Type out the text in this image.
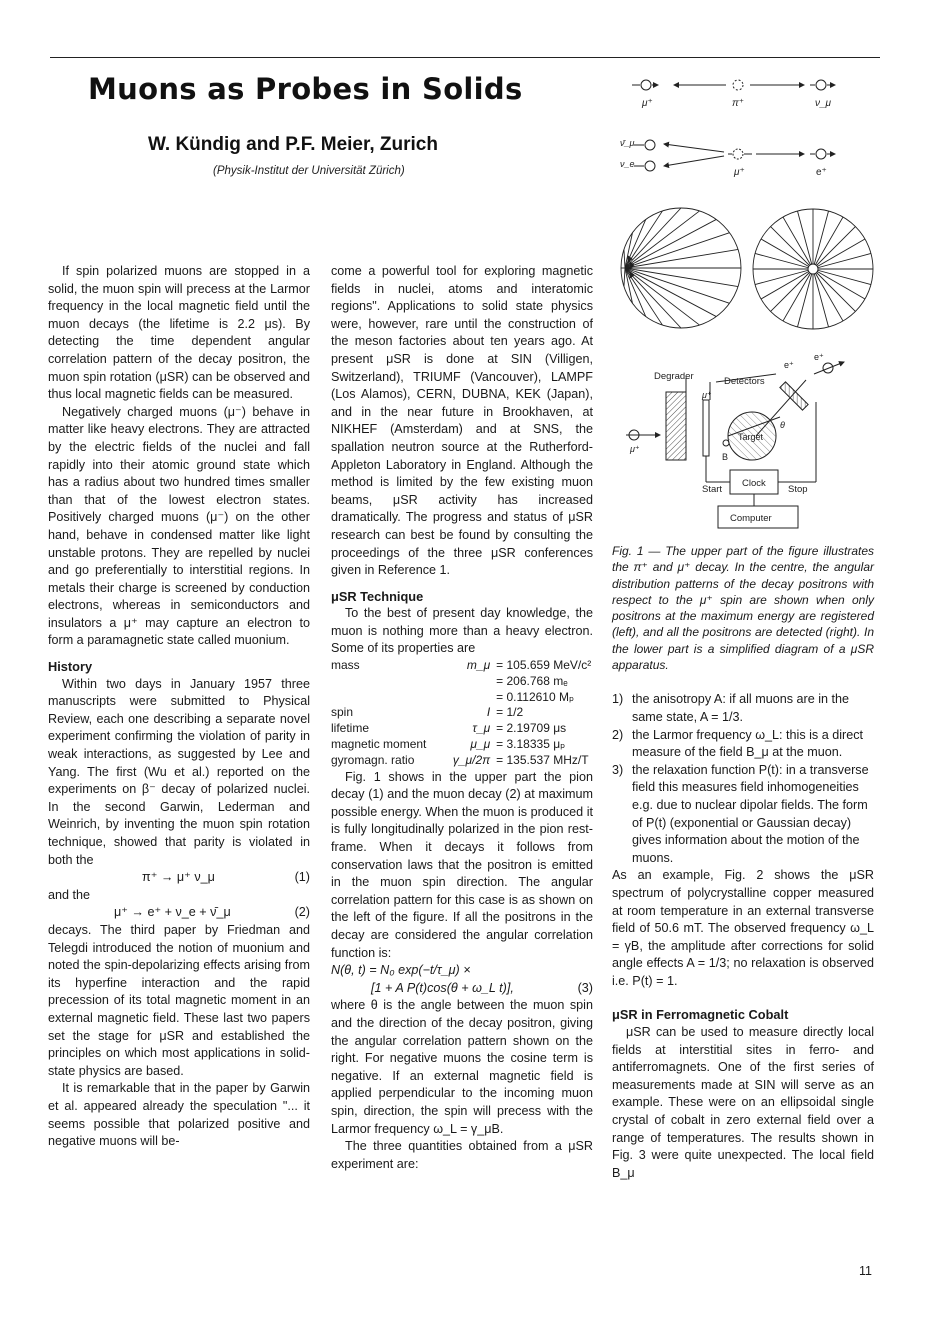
Muons as Probes in Solids
W. Kündig and P.F. Meier, Zurich
(Physik-Institut der Universität Zürich)
μ⁺	π⁺	ν_μ
ν̄_μ
ν_e
μ⁺	e⁺
Degrader	Detectors
Target
Clock
Start	Stop
Computer
μ⁺
μ⁺
e⁺
e⁺
θ
B

If spin polarized muons are stopped in a solid, the muon spin will precess at the Larmor frequency in the local magnetic field until the muon decays (the lifetime is 2.2 μs). By detecting the time dependent angular correlation pattern of the decay positron, the muon spin rotation (μSR) can be observed and thus local magnetic fields can be measured.

Negatively charged muons (μ⁻) behave in matter like heavy electrons. They are attracted by the electric fields of the nuclei and fall rapidly into their atomic ground state which has a radius about two hundred times smaller than that of the lowest electron states. Positively charged muons (μ⁻) on the other hand, behave in condensed matter like light unstable protons. They are repelled by nuclei and go preferentially to interstitial regions. In metals their charge is screened by conduction electrons, whereas in semiconductors and insulators a μ⁺ may capture an electron to form a paramagnetic state called muonium.

History

Within two days in January 1957 three manuscripts were submitted to Physical Review, each one describing a separate novel experiment confirming the violation of parity in weak interactions, as suggested by Lee and Yang. The first (Wu et al.) reported on the experiments on β⁻ decay of polarized nuclei. In the second Garwin, Lederman and Weinrich, by inventing the muon spin rotation technique, showed that parity is violated in both the

π⁺ → μ⁺ ν_μ	(1)

and the

μ⁺ → e⁺ + ν_e + ν̄_μ	(2)

decays. The third paper by Friedman and Telegdi introduced the notion of muonium and noted the spin-depolarizing effects arising from its hyperfine interaction and the rapid precession of its total magnetic moment in an external magnetic field. These last two papers set the stage for μSR and established the principles on which most applications in solid-state physics are based.

It is remarkable that in the paper by Garwin et al. appeared already the speculation "... it seems possible that polarized positive and negative muons will be-

come a powerful tool for exploring magnetic fields in nuclei, atoms and interatomic regions". Applications to solid state physics were, however, rare until the construction of the meson factories about ten years ago. At present μSR is done at SIN (Villigen, Switzerland), TRIUMF (Vancouver), LAMPF (Los Alamos), CERN, DUBNA, KEK (Japan), and in the near future in Brookhaven, at NIKHEF (Amsterdam) and at SNS, the spallation neutron source at the Rutherford-Appleton Laboratory in England. Although the method is limited by the few existing muon beams, μSR activity has increased dramatically. The progress and status of μSR research can best be found by consulting the proceedings of the three μSR conferences given in Reference 1.

μSR Technique

To the best of present day knowledge, the muon is nothing more than a heavy electron. Some of its properties are

mass	m_μ	= 105.659 MeV/c²
		= 206.768 mₑ
		= 0.112610 Mₚ
spin	I	= 1/2
lifetime	τ_μ	= 2.19709 μs
magnetic moment	μ_μ	= 3.18335 μₚ
gyromagn. ratio	γ_μ/2π	= 135.537 MHz/T

Fig. 1 shows in the upper part the pion decay (1) and the muon decay (2) at maximum possible energy. When the muon is produced it is fully longitudinally polarized in the pion rest-frame. When it decays it follows from conservation laws that the positron is emitted in the muon spin direction. The angular correlation pattern for this case is as shown on the left of the figure. If all the positrons in the decay are considered the angular correlation function is:

N(θ, t) = N₀ exp(−t/τ_μ) ×
[1 + A P(t)cos(θ + ω_L t)],	(3)

where θ is the angle between the muon spin and the direction of the decay positron, giving the angular correlation pattern shown on the right. For negative muons the cosine term is negative. If an external magnetic field is applied perpendicular to the incoming muon spin, direction, the spin will precess with the Larmor frequency ω_L = γ_μB.

The three quantities obtained from a μSR experiment are:

Fig. 1 — The upper part of the figure illustrates the π⁺ and μ⁺ decay. In the centre, the angular distribution patterns of the decay positrons with respect to the μ⁺ spin are shown when only positrons at the maximum energy are registered (left), and all the positrons are detected (right). In the lower part is a simplified diagram of a μSR apparatus.

1) the anisotropy A: if all muons are in the same state, A = 1/3.
2) the Larmor frequency ω_L: this is a direct measure of the field B_μ at the muon.
3) the relaxation function P(t): in a transverse field this measures field inhomogeneities e.g. due to nuclear dipolar fields. The form of P(t) (exponential or Gaussian decay) gives information about the motion of the muons.

As an example, Fig. 2 shows the μSR spectrum of polycrystalline copper measured at room temperature in an external transverse field of 50.6 mT. The observed frequency ω_L = γB, the amplitude after corrections for solid angle effects A = 1/3; no relaxation is observed i.e. P(t) = 1.

μSR in Ferromagnetic Cobalt

μSR can be used to measure directly local fields at interstitial sites in ferro- and antiferromagnets. One of the first series of measurements made at SIN will serve as an example. These were on an ellipsoidal single crystal of cobalt in zero external field over a range of temperatures. The results shown in Fig. 3 were quite unexpected. The local field B_μ

11
